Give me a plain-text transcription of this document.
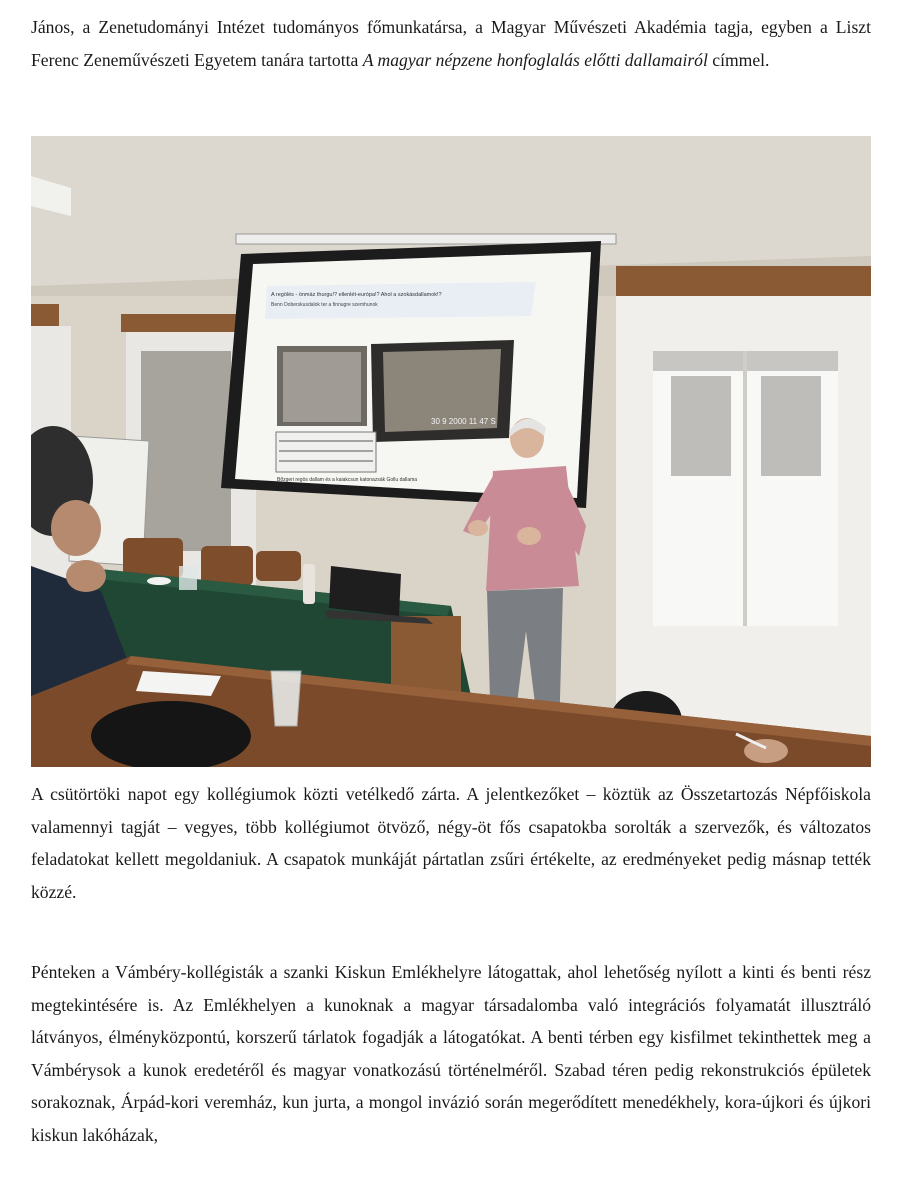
János, a Zenetudományi Intézet tudományos főmunkatársa, a Magyar Művészeti Akadémia tagja, egyben a Liszt Ferenc Zeneművészeti Egyetem tanára tartotta A magyar népzene honfoglalás előtti dallamairól címmel.

A regölés - önmáz thurgu!? ellenlét-európa!? Ahol a szokásdallamok!?
Benn Doberskusdalok ter a finnugre szemhunok
30 9 2000 11 47 S
Bőzgeri regös dallam és a kaiakcsun katonazsák Gollu dallama

A csütörtöki napot egy kollégiumok közti vetélkedő zárta. A jelentkezőket – köztük az Összetartozás Népfőiskola valamennyi tagját – vegyes, több kollégiumot ötvöző, négy-öt fős csapatokba sorolták a szervezők, és változatos feladatokat kellett megoldaniuk. A csapatok munkáját pártatlan zsűri értékelte, az eredményeket pedig másnap tették közzé.

Pénteken a Vámbéry-kollégisták a szanki Kiskun Emlékhelyre látogattak, ahol lehetőség nyílott a kinti és benti rész megtekintésére is. Az Emlékhelyen a kunoknak a magyar társadalomba való integrációs folyamatát illusztráló látványos, élményközpontú, korszerű tárlatok fogadják a látogatókat. A benti térben egy kisfilmet tekinthettek meg a Vámbérysok a kunok eredetéről és magyar vonatkozású történelméről. Szabad téren pedig rekonstrukciós épületek sorakoznak, Árpád-kori veremház, kun jurta, a mongol invázió során megerődített menedékhely, kora-újkori és újkori kiskun lakóházak,
